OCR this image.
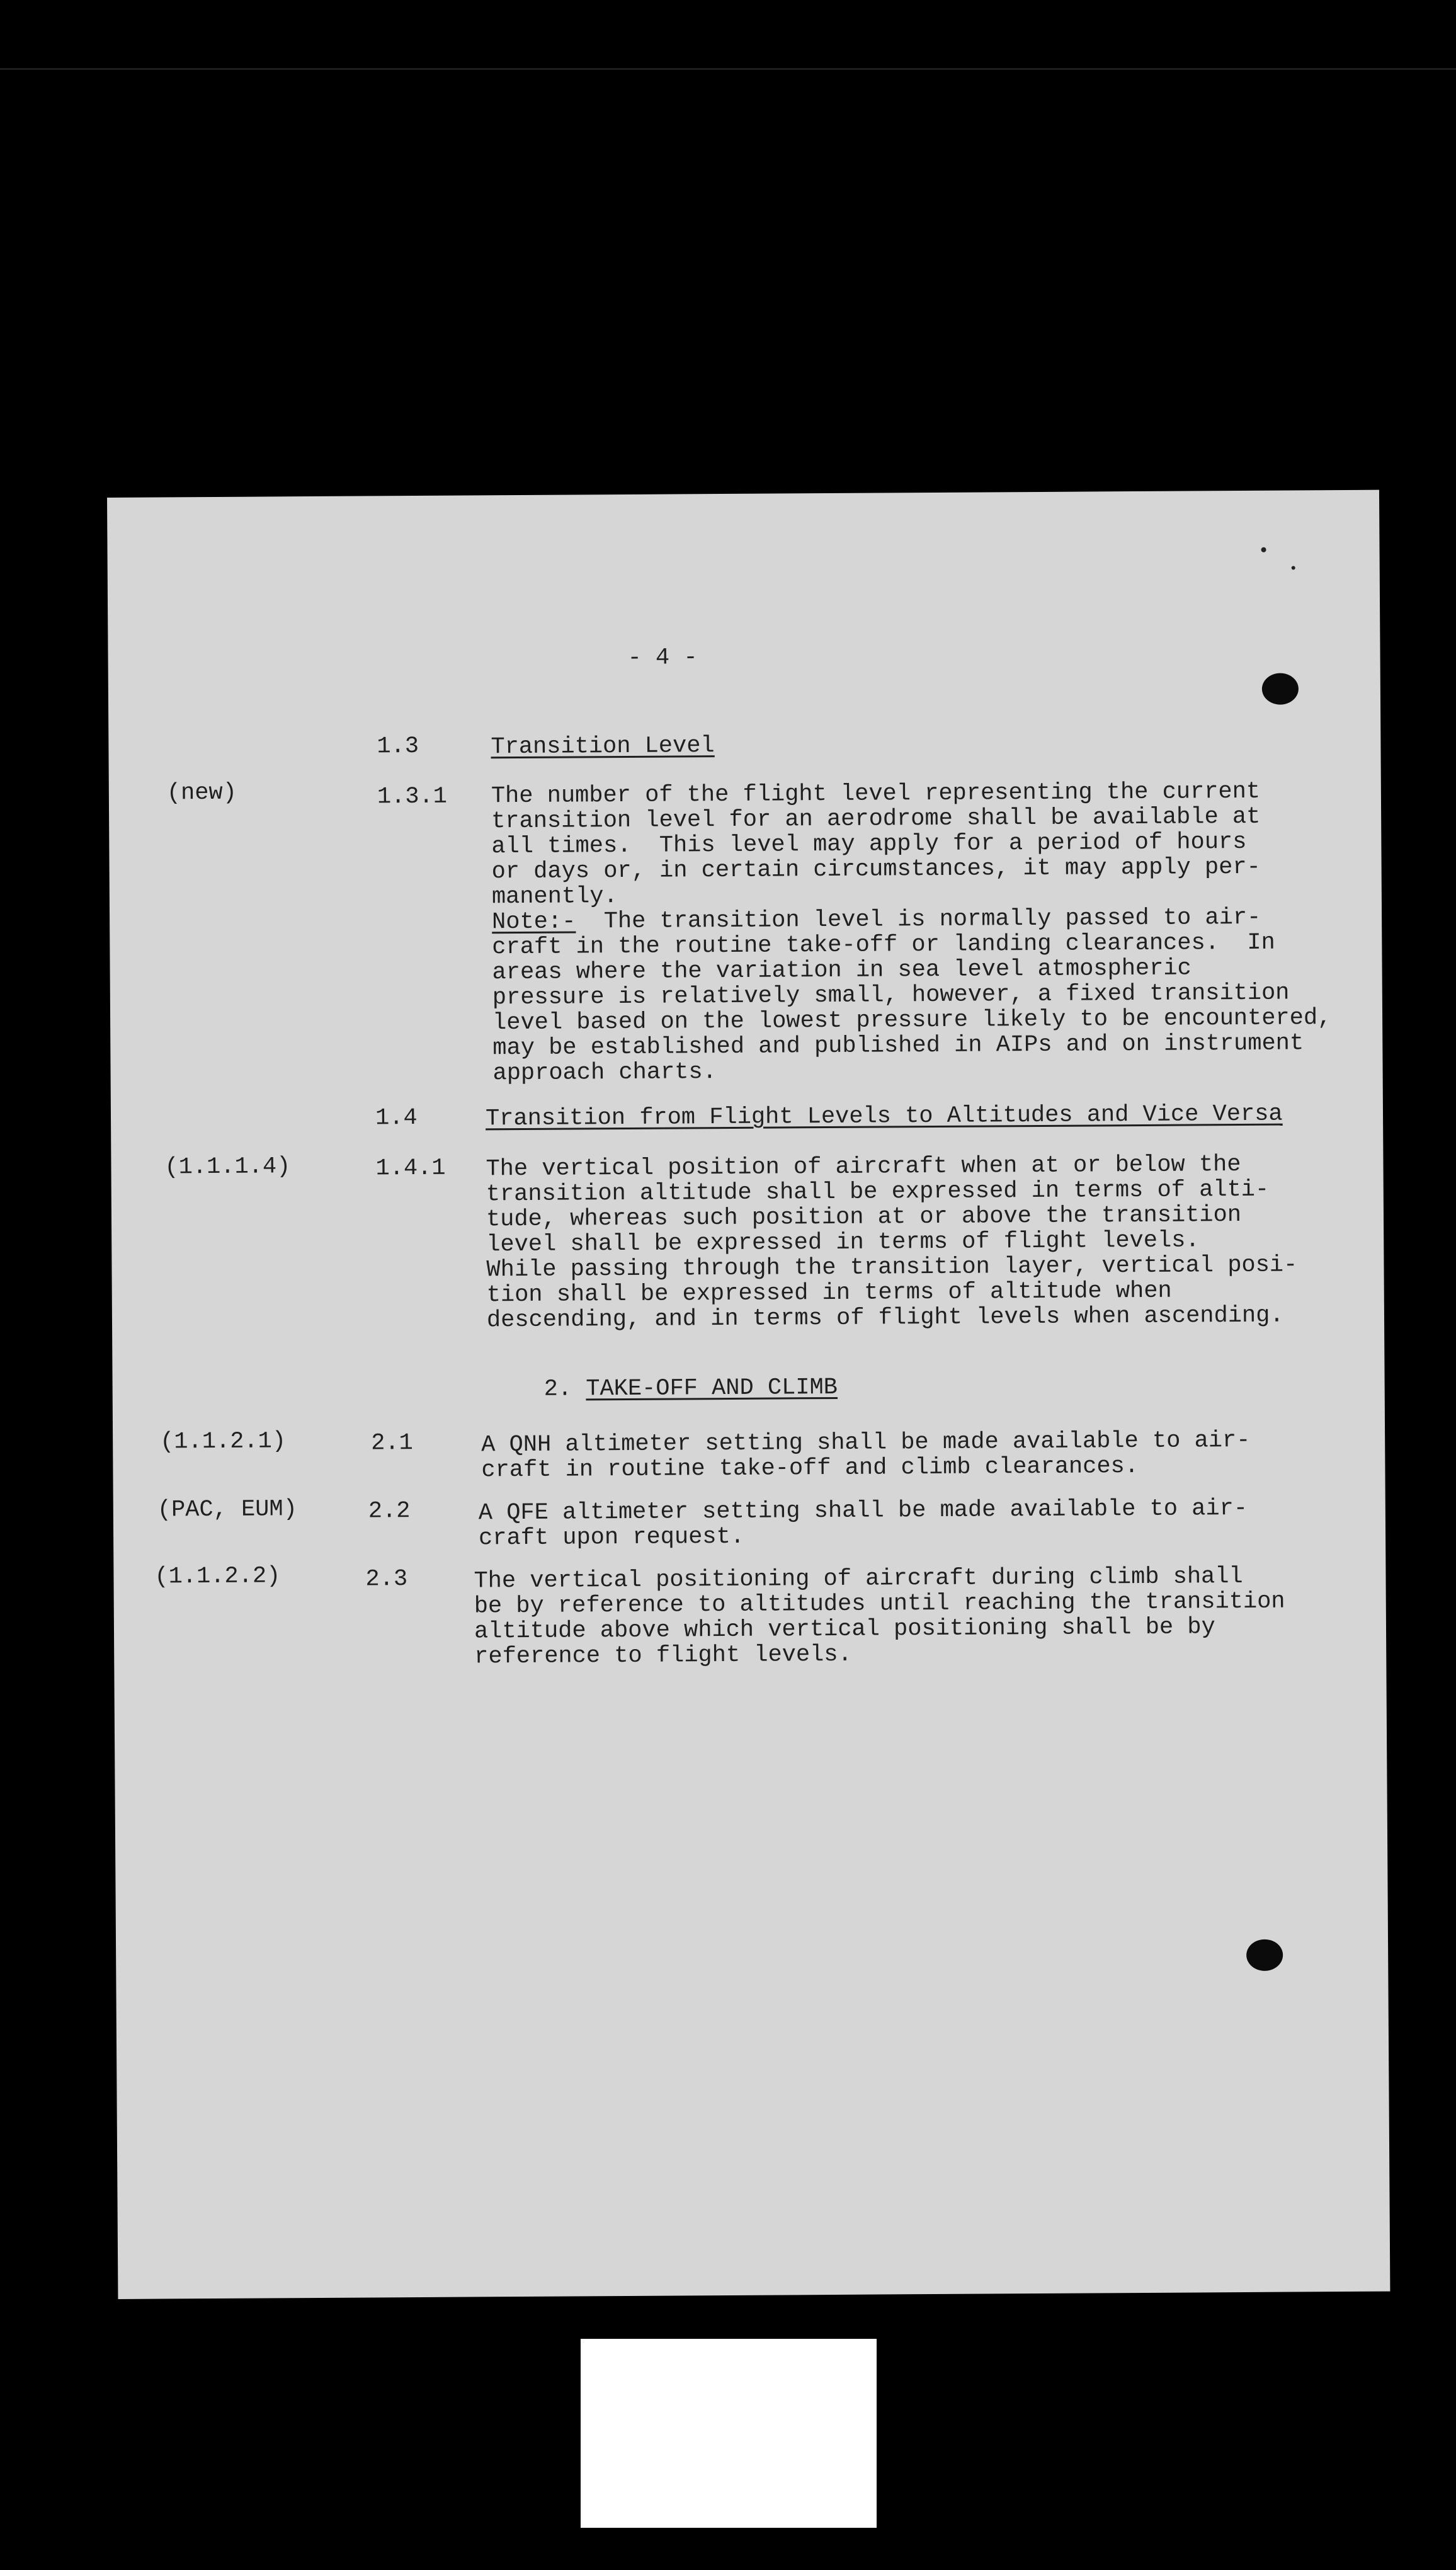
- 4 -
1.3	Transition Level
(new)	1.3.1 The number of the flight level representing the current
transition level for an aerodrome shall be available at
all times.  This level may apply for a period of hours
or days or, in certain circumstances, it may apply per-
manently.
Note:-  The transition level is normally passed to air-
craft in the routine take-off or landing clearances.  In
areas where the variation in sea level atmospheric
pressure is relatively small, however, a fixed transition
level based on the lowest pressure likely to be encountered,
may be established and published in AIPs and on instrument
approach charts.
1.4	Transition from Flight Levels to Altitudes and Vice Versa
(1.1.1.4)	1.4.1 The vertical position of aircraft when at or below the
transition altitude shall be expressed in terms of alti-
tude, whereas such position at or above the transition
level shall be expressed in terms of flight levels.
While passing through the transition layer, vertical posi-
tion shall be expressed in terms of altitude when
descending, and in terms of flight levels when ascending.
2. TAKE-OFF AND CLIMB
(1.1.2.1)	2.1	A QNH altimeter setting shall be made available to air-
craft in routine take-off and climb clearances.
(PAC, EUM)	2.2	A QFE altimeter setting shall be made available to air-
craft upon request.
(1.1.2.2)	2.3	The vertical positioning of aircraft during climb shall
be by reference to altitudes until reaching the transition
altitude above which vertical positioning shall be by
reference to flight levels.
